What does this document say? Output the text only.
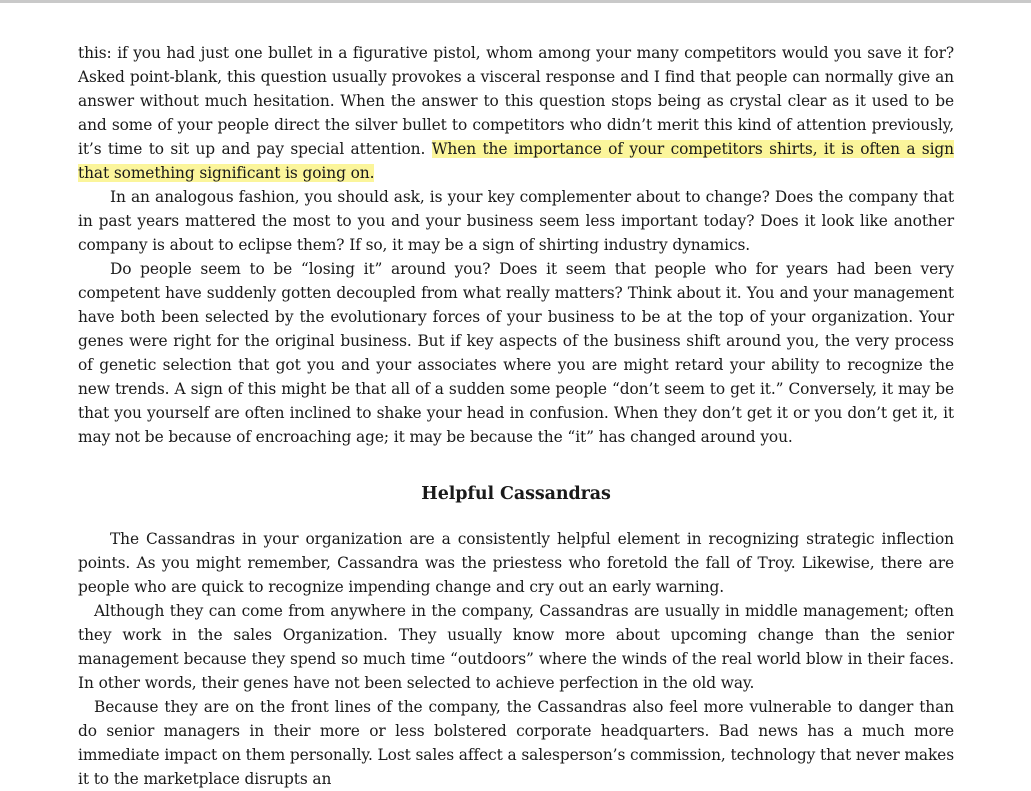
this: if you had just one bullet in a figurative pistol, whom among your many competitors would you save it for? Asked point-blank, this question usually provokes a visceral response and I find that people can normally give an answer without much hesitation. When the answer to this question stops being as crystal clear as it used to be and some of your people direct the silver bullet to competitors who didn’t merit this kind of attention previously, it’s time to sit up and pay special attention. When the importance of your competitors shirts, it is often a sign that something significant is going on.

In an analogous fashion, you should ask, is your key complementer about to change? Does the company that in past years mattered the most to you and your business seem less important today? Does it look like another company is about to eclipse them? If so, it may be a sign of shirting industry dynamics.

Do people seem to be “losing it” around you? Does it seem that people who for years had been very competent have suddenly gotten decoupled from what really matters? Think about it. You and your management have both been selected by the evolutionary forces of your business to be at the top of your organization. Your genes were right for the original business. But if key aspects of the business shift around you, the very process of genetic selection that got you and your associates where you are might retard your ability to recognize the new trends. A sign of this might be that all of a sudden some people “don’t seem to get it.” Conversely, it may be that you yourself are often inclined to shake your head in confusion. When they don’t get it or you don’t get it, it may not be because of encroaching age; it may be because the “it” has changed around you.

Helpful Cassandras

The Cassandras in your organization are a consistently helpful element in recognizing strategic inflection points. As you might remember, Cassandra was the priestess who foretold the fall of Troy. Likewise, there are people who are quick to recognize impending change and cry out an early warning.

Although they can come from anywhere in the company, Cassandras are usually in middle management; often they work in the sales Organization. They usually know more about upcoming change than the senior management because they spend so much time “outdoors” where the winds of the real world blow in their faces. In other words, their genes have not been selected to achieve perfection in the old way.

Because they are on the front lines of the company, the Cassandras also feel more vulnerable to danger than do senior managers in their more or less bolstered corporate headquarters. Bad news has a much more immediate impact on them personally. Lost sales affect a salesperson’s commission, technology that never makes it to the marketplace disrupts an
